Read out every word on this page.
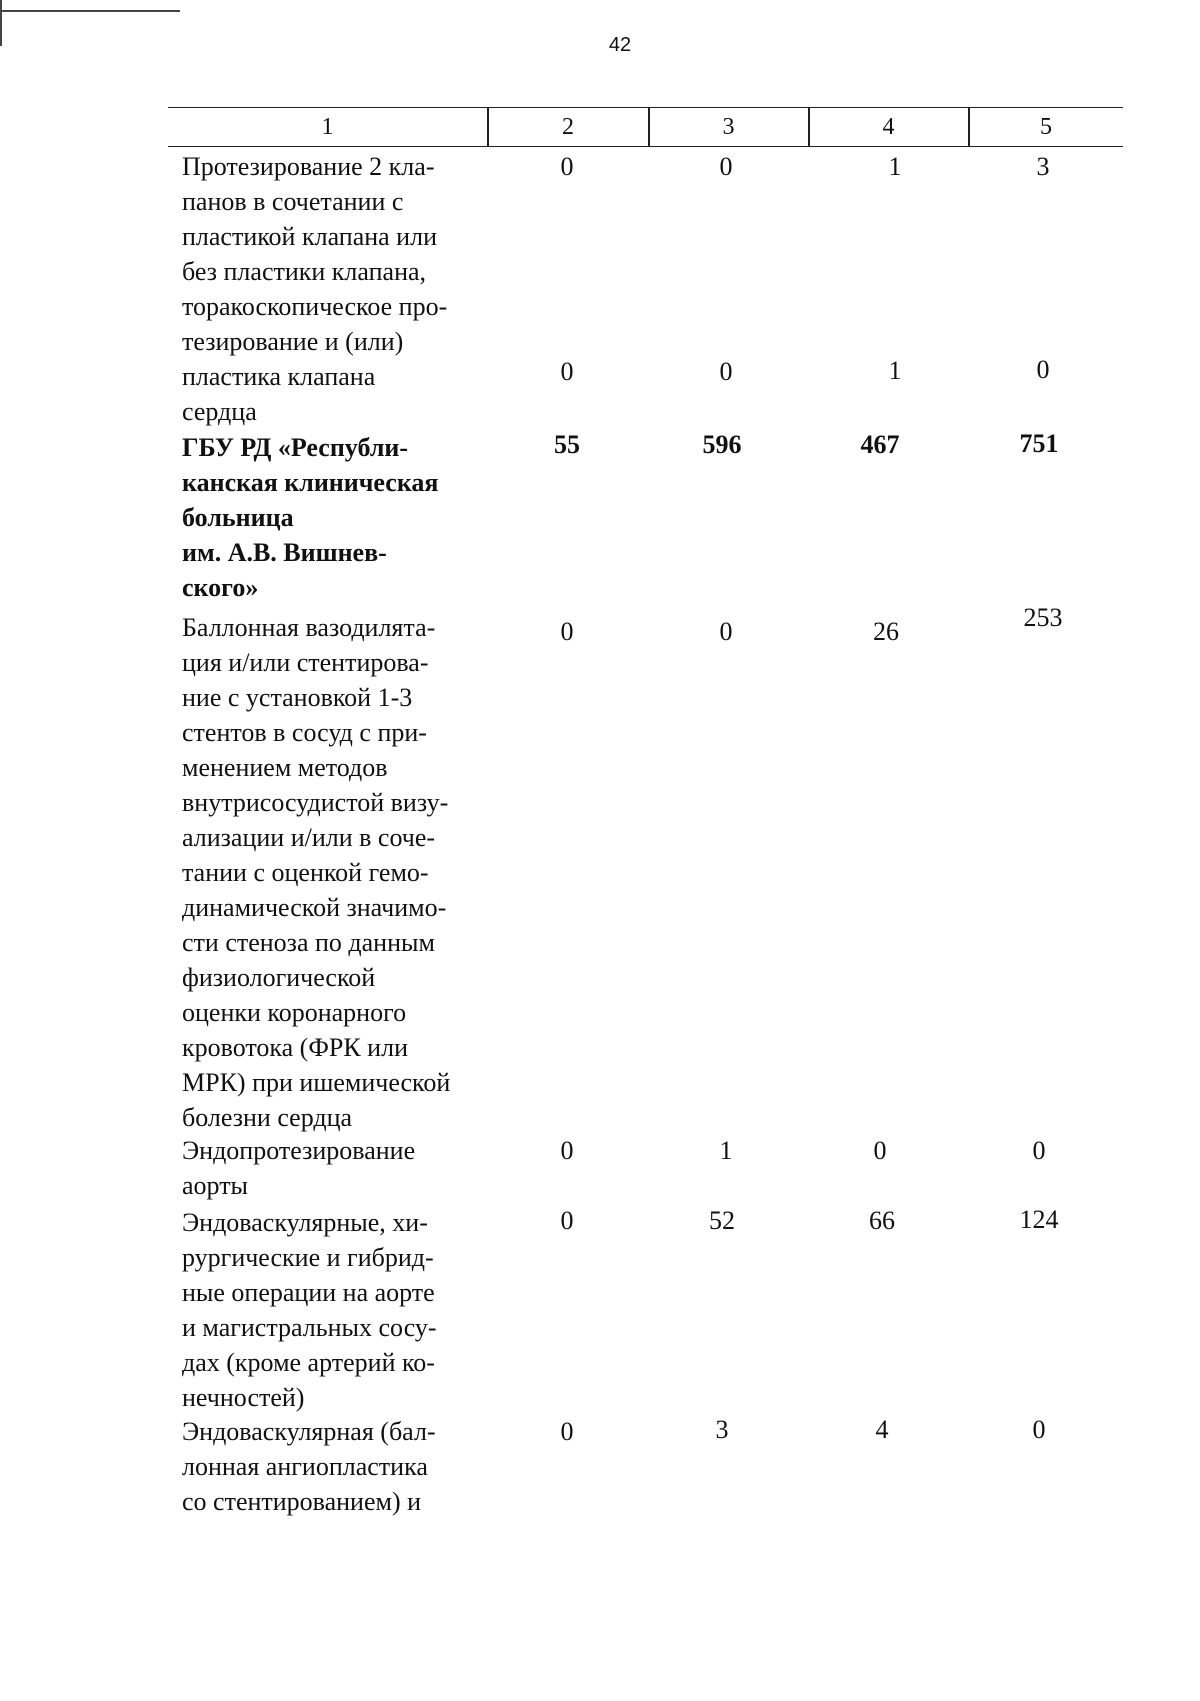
42
1	2	3	4	5
Протезирование 2 кла-
панов в сочетании с
пластикой клапана или
без пластики клапана,
торакоскопическое про-
тезирование и (или)
пластика клапана
сердца
0	0	1	3
0	0	1	0
ГБУ РД «Республи-
канская клиническая
больница
им. А.В. Вишнев-
ского»
55	596	467	751
Баллонная вазодилята-
ция и/или стентирова-
ние с установкой 1-3
стентов в сосуд с при-
менением методов
внутрисосудистой визу-
ализации и/или в соче-
тании с оценкой гемо-
динамической значимо-
сти стеноза по данным
физиологической
оценки коронарного
кровотока (ФРК или
МРК) при ишемической
болезни сердца
0	0	26	253
Эндопротезирование
аорты
0	1	0	0
Эндоваскулярные, хи-
рургические и гибрид-
ные операции на аорте
и магистральных сосу-
дах (кроме артерий ко-
нечностей)
0	52	66	124
Эндоваскулярная (бал-
лонная ангиопластика
со стентированием) и
0	3	4	0
